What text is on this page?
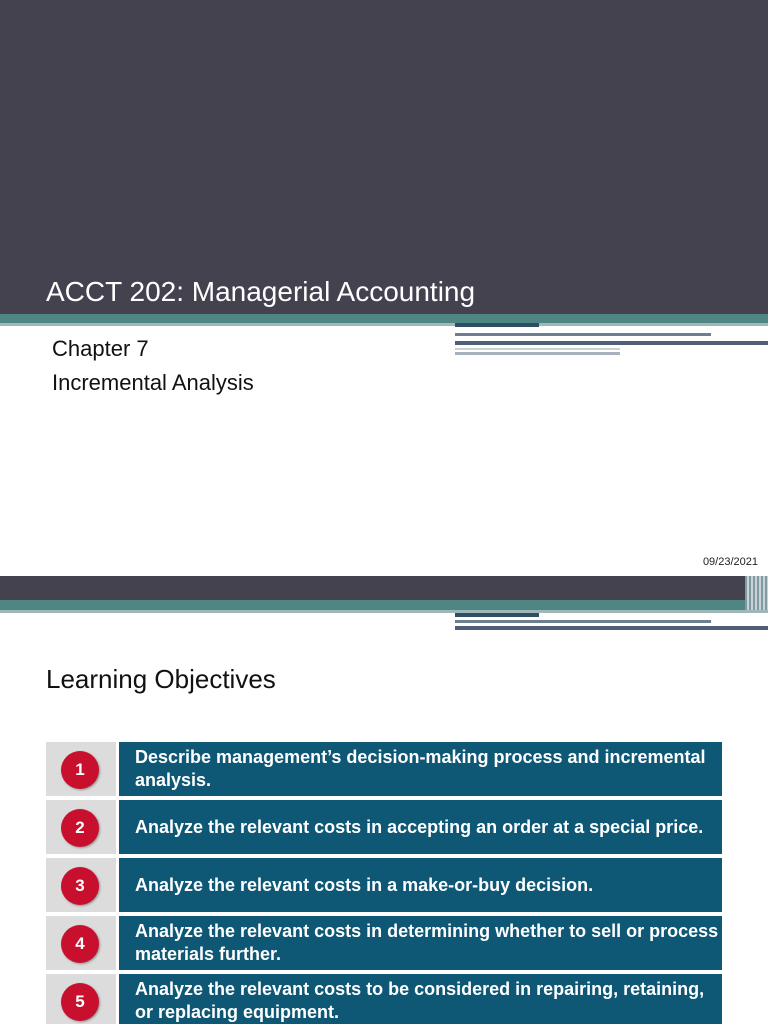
ACCT 202: Managerial Accounting
Chapter 7
Incremental Analysis
09/23/2021
Learning Objectives
1
Describe management’s decision-making process and incremental analysis.
2	Analyze the relevant costs in accepting an order at a special price.
3	Analyze the relevant costs in a make-or-buy decision.
4
Analyze the relevant costs in determining whether to sell or process materials further.
5
Analyze the relevant costs to be considered in repairing, retaining, or replacing equipment.
